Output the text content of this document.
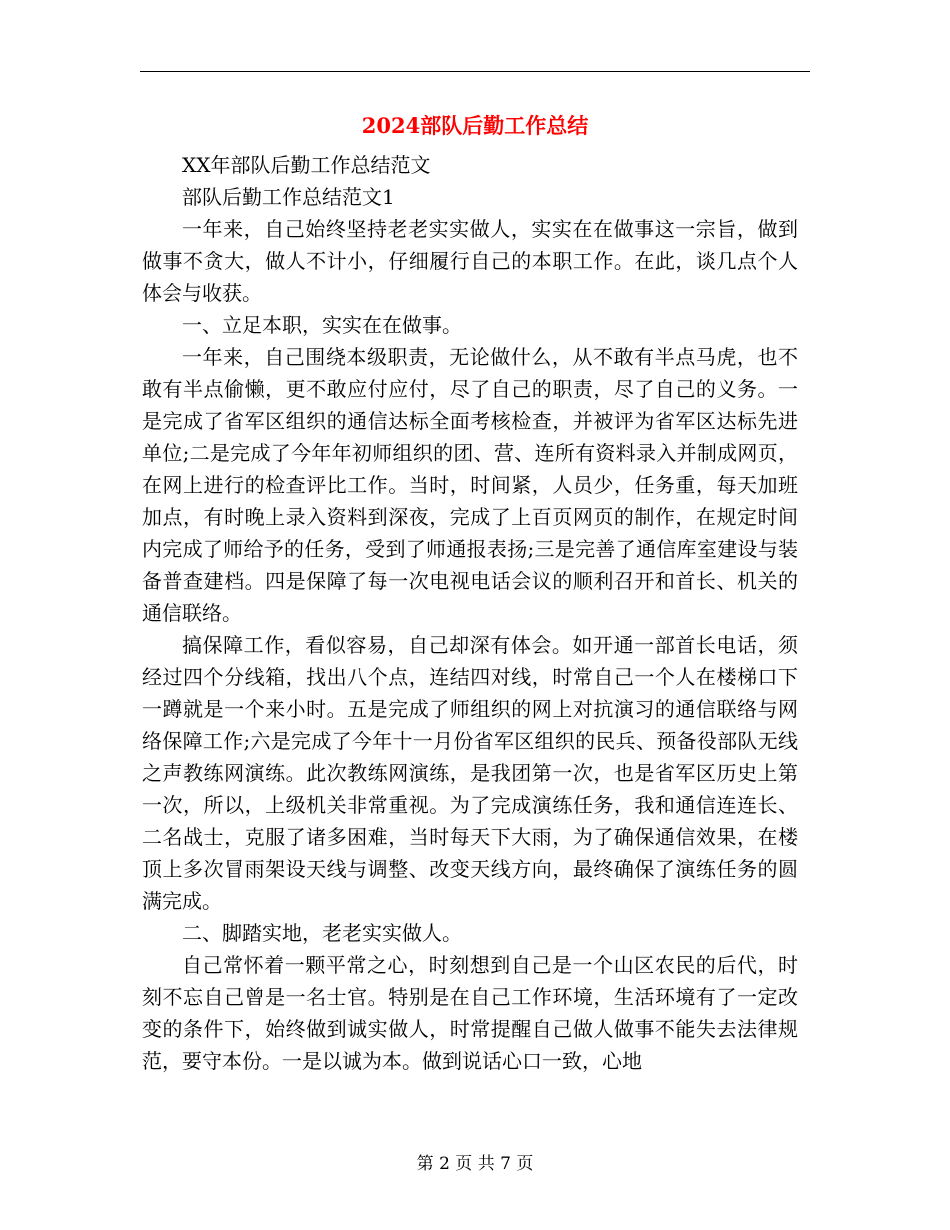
2024部队后勤工作总结

XX年部队后勤工作总结范文

部队后勤工作总结范文1

一年来，自己始终坚持老老实实做人，实实在在做事这一宗旨，做到做事不贪大，做人不计小，仔细履行自己的本职工作。在此，谈几点个人体会与收获。

一、立足本职，实实在在做事。

一年来，自己围绕本级职责，无论做什么，从不敢有半点马虎，也不敢有半点偷懒，更不敢应付应付，尽了自己的职责，尽了自己的义务。一是完成了省军区组织的通信达标全面考核检查，并被评为省军区达标先进单位;二是完成了今年年初师组织的团、营、连所有资料录入并制成网页，在网上进行的检查评比工作。当时，时间紧，人员少，任务重，每天加班加点，有时晚上录入资料到深夜，完成了上百页网页的制作，在规定时间内完成了师给予的任务，受到了师通报表扬;三是完善了通信库室建设与装备普查建档。四是保障了每一次电视电话会议的顺利召开和首长、机关的通信联络。

搞保障工作，看似容易，自己却深有体会。如开通一部首长电话，须经过四个分线箱，找出八个点，连结四对线，时常自己一个人在楼梯口下一蹲就是一个来小时。五是完成了师组织的网上对抗演习的通信联络与网络保障工作;六是完成了今年十一月份省军区组织的民兵、预备役部队无线之声教练网演练。此次教练网演练，是我团第一次，也是省军区历史上第一次，所以，上级机关非常重视。为了完成演练任务，我和通信连连长、二名战士，克服了诸多困难，当时每天下大雨，为了确保通信效果，在楼顶上多次冒雨架设天线与调整、改变天线方向，最终确保了演练任务的圆满完成。

二、脚踏实地，老老实实做人。

自己常怀着一颗平常之心，时刻想到自己是一个山区农民的后代，时刻不忘自己曾是一名士官。特别是在自己工作环境，生活环境有了一定改变的条件下，始终做到诚实做人，时常提醒自己做人做事不能失去法律规范，要守本份。一是以诚为本。做到说话心口一致，心地

第 2 页 共 7 页
